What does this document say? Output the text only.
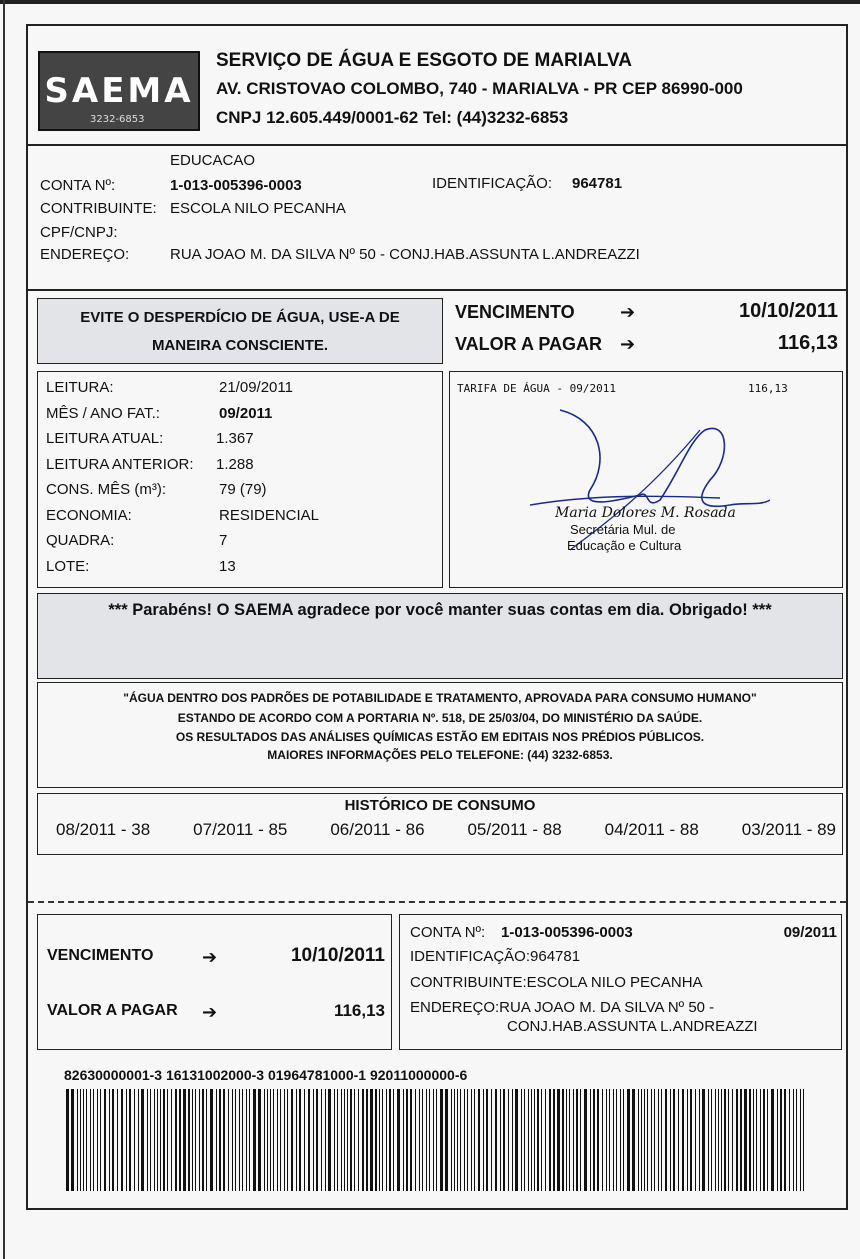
SAEMA
3232-6853
SERVIÇO DE ÁGUA E ESGOTO DE MARIALVA
AV. CRISTOVAO COLOMBO, 740 - MARIALVA - PR CEP 86990-000
CNPJ 12.605.449/0001-62 Tel: (44)3232-6853
EDUCACAO
CONTA Nº:	1-013-005396-0003	IDENTIFICAÇÃO: 964781
CONTRIBUINTE: ESCOLA NILO PECANHA
CPF/CNPJ:
ENDEREÇO:	RUA JOAO M. DA SILVA Nº 50 - CONJ.HAB.ASSUNTA L.ANDREAZZI
EVITE O DESPERDÍCIO DE ÁGUA, USE-A DE
MANEIRA CONSCIENTE.
VENCIMENTO	➔	10/10/2011
VALOR A PAGAR ➔	116,13
LEITURA:	21/09/2011
MÊS / ANO FAT.:	09/2011
LEITURA ATUAL:	1.367
LEITURA ANTERIOR: 1.288
CONS. MÊS (m³):	79 (79)
ECONOMIA:	RESIDENCIAL
QUADRA:	7
LOTE:	13
TARIFA DE ÁGUA - 09/2011	116,13
Maria Dolores M. Rosada
Secretária Mul. de
Educação e Cultura
*** Parabéns! O SAEMA agradece por você manter suas contas em dia. Obrigado! ***
"ÁGUA DENTRO DOS PADRÕES DE POTABILIDADE E TRATAMENTO, APROVADA PARA CONSUMO HUMANO"
ESTANDO DE ACORDO COM A PORTARIA Nº. 518, DE 25/03/04, DO MINISTÉRIO DA SAÚDE.
OS RESULTADOS DAS ANÁLISES QUÍMICAS ESTÃO EM EDITAIS NOS PRÉDIOS PÚBLICOS.
MAIORES INFORMAÇÕES PELO TELEFONE: (44) 3232-6853.
HISTÓRICO DE CONSUMO
08/2011 - 38	07/2011 - 85	06/2011 - 86	05/2011 - 88	04/2011 - 88	03/2011 - 89
VENCIMENTO	➔	10/10/2011
VALOR A PAGAR ➔	116,13
CONTA Nº: 1-013-005396-0003	09/2011
IDENTIFICAÇÃO:964781
CONTRIBUINTE:ESCOLA NILO PECANHA
ENDEREÇO:RUA JOAO M. DA SILVA Nº 50 -
CONJ.HAB.ASSUNTA L.ANDREAZZI
82630000001-3 16131002000-3 01964781000-1 92011000000-6
